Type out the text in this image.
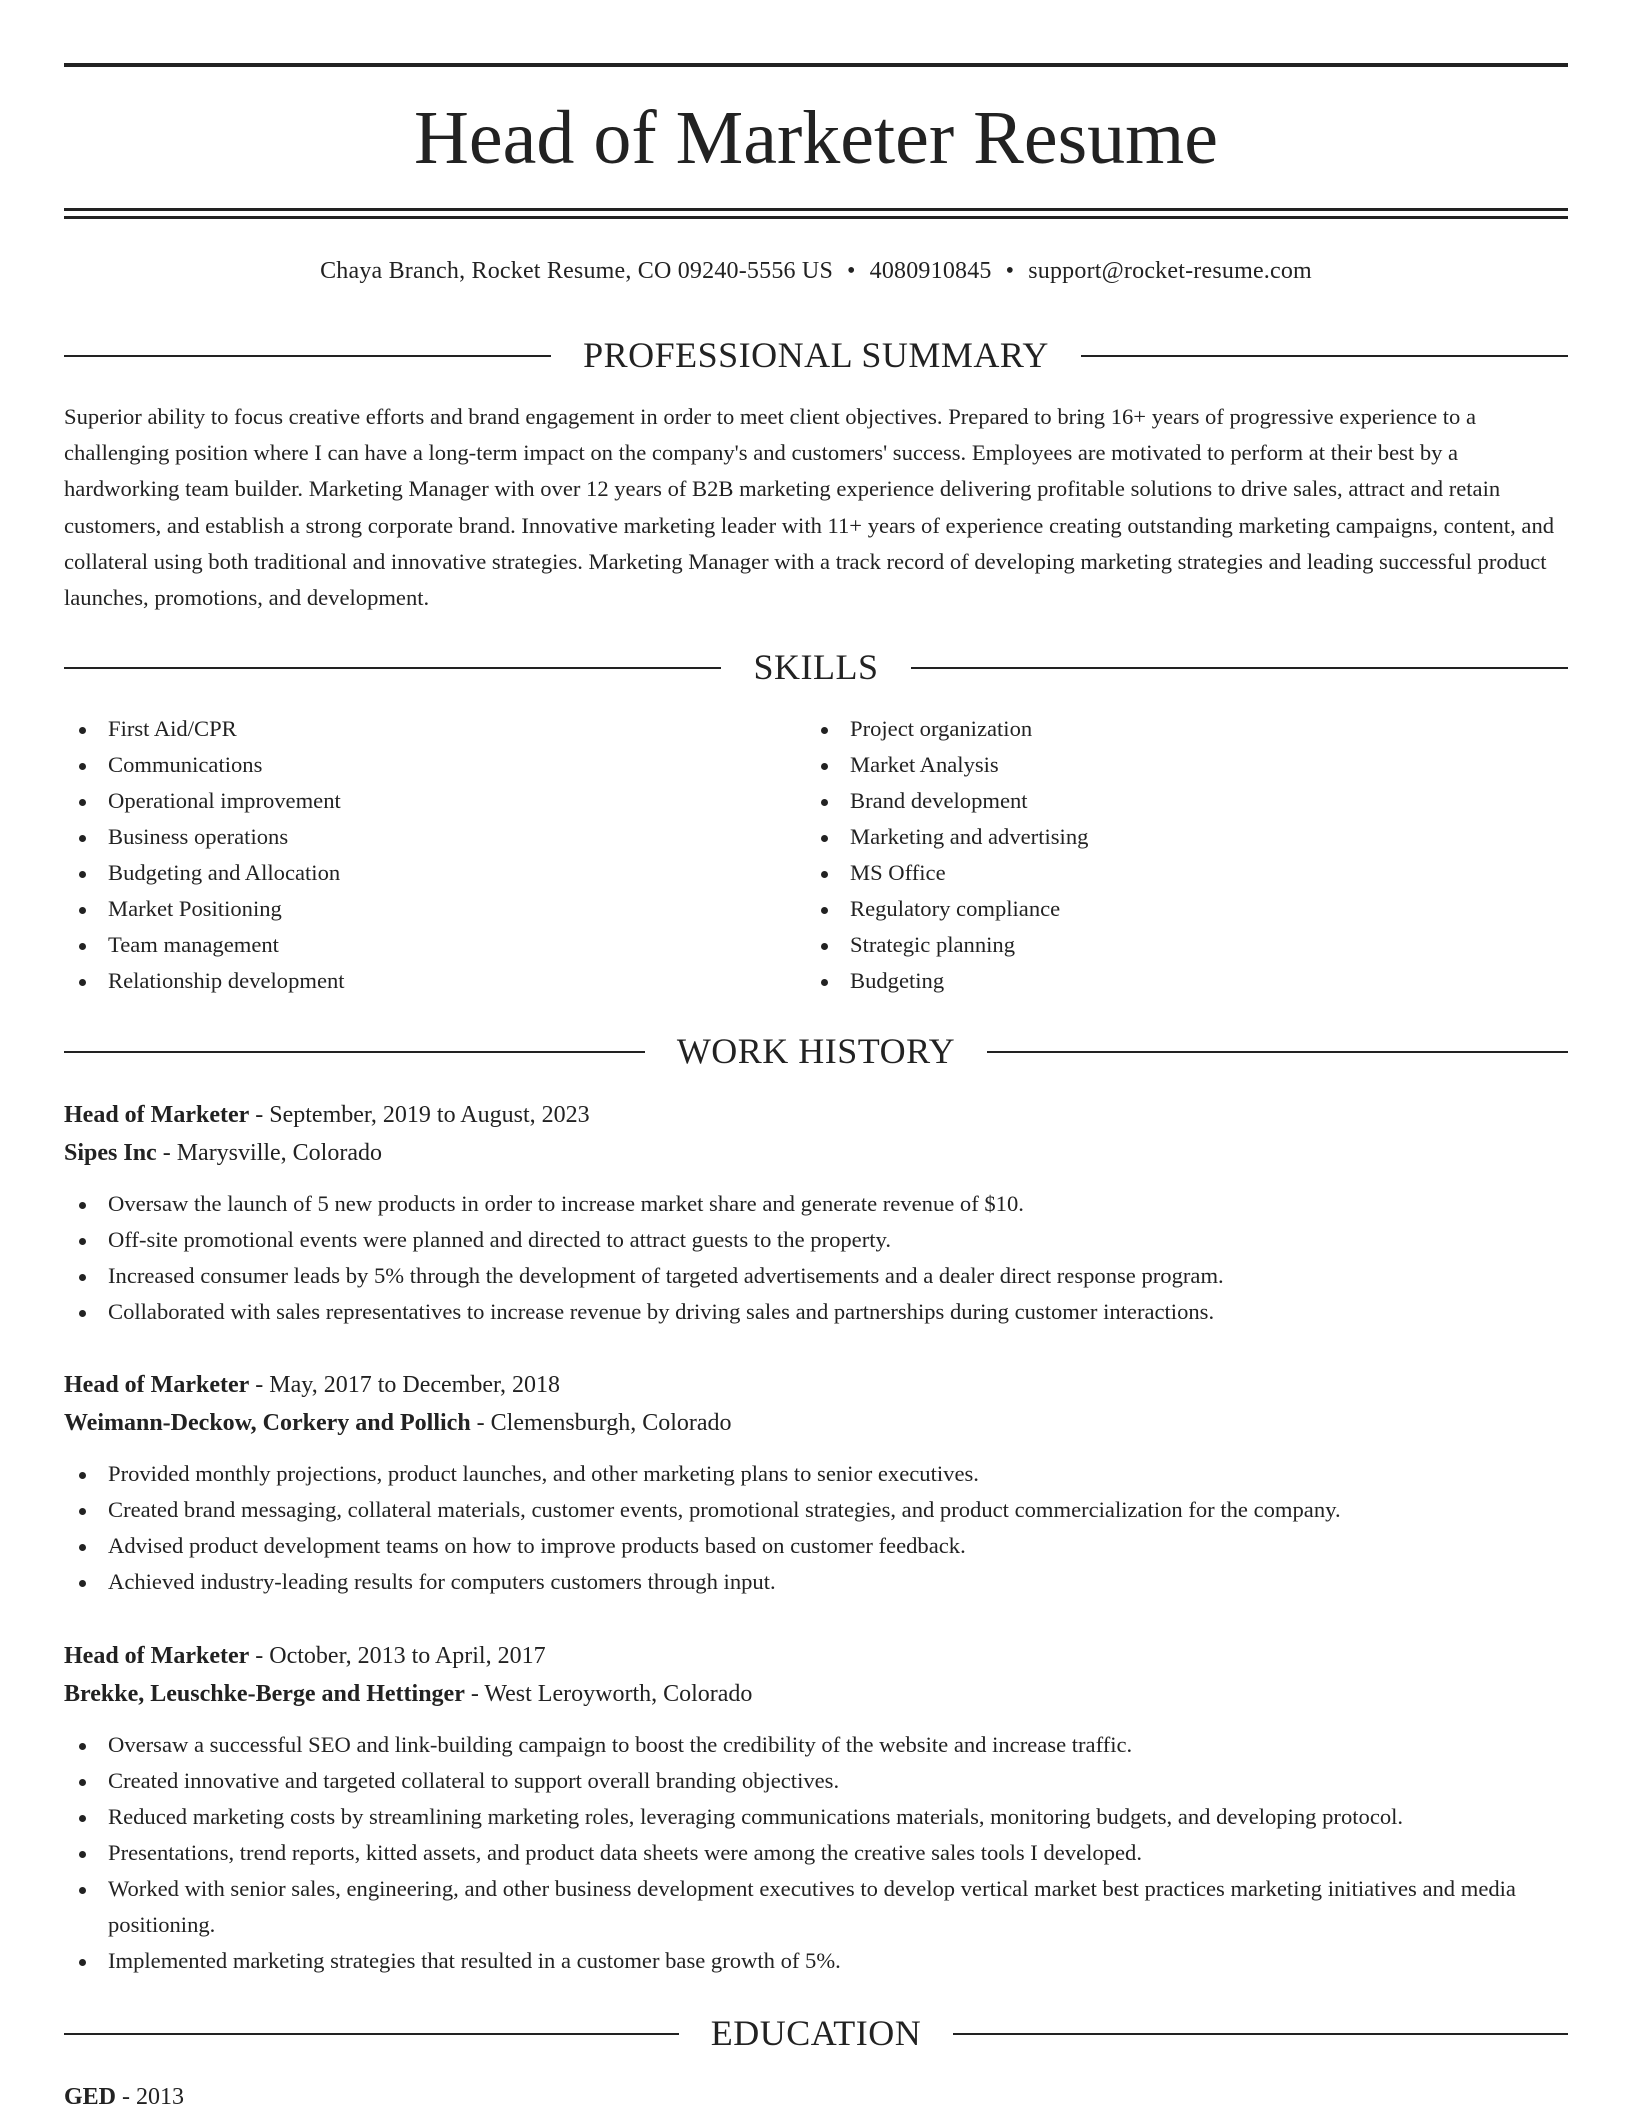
Head of Marketer Resume
Chaya Branch, Rocket Resume, CO 09240-5556 US • 4080910845 • support@rocket-resume.com
PROFESSIONAL SUMMARY
Superior ability to focus creative efforts and brand engagement in order to meet client objectives. Prepared to bring 16+ years of progressive experience to a challenging position where I can have a long-term impact on the company's and customers' success. Employees are motivated to perform at their best by a hardworking team builder. Marketing Manager with over 12 years of B2B marketing experience delivering profitable solutions to drive sales, attract and retain customers, and establish a strong corporate brand. Innovative marketing leader with 11+ years of experience creating outstanding marketing campaigns, content, and collateral using both traditional and innovative strategies. Marketing Manager with a track record of developing marketing strategies and leading successful product launches, promotions, and development.
SKILLS
First Aid/CPR
Communications
Operational improvement
Business operations
Budgeting and Allocation
Market Positioning
Team management
Relationship development
Project organization
Market Analysis
Brand development
Marketing and advertising
MS Office
Regulatory compliance
Strategic planning
Budgeting
WORK HISTORY
Head of Marketer - September, 2019 to August, 2023
Sipes Inc - Marysville, Colorado
Oversaw the launch of 5 new products in order to increase market share and generate revenue of $10.
Off-site promotional events were planned and directed to attract guests to the property.
Increased consumer leads by 5% through the development of targeted advertisements and a dealer direct response program.
Collaborated with sales representatives to increase revenue by driving sales and partnerships during customer interactions.
Head of Marketer - May, 2017 to December, 2018
Weimann-Deckow, Corkery and Pollich - Clemensburgh, Colorado
Provided monthly projections, product launches, and other marketing plans to senior executives.
Created brand messaging, collateral materials, customer events, promotional strategies, and product commercialization for the company.
Advised product development teams on how to improve products based on customer feedback.
Achieved industry-leading results for computers customers through input.
Head of Marketer - October, 2013 to April, 2017
Brekke, Leuschke-Berge and Hettinger - West Leroyworth, Colorado
Oversaw a successful SEO and link-building campaign to boost the credibility of the website and increase traffic.
Created innovative and targeted collateral to support overall branding objectives.
Reduced marketing costs by streamlining marketing roles, leveraging communications materials, monitoring budgets, and developing protocol.
Presentations, trend reports, kitted assets, and product data sheets were among the creative sales tools I developed.
Worked with senior sales, engineering, and other business development executives to develop vertical market best practices marketing initiatives and media positioning.
Implemented marketing strategies that resulted in a customer base growth of 5%.
EDUCATION
GED - 2013
